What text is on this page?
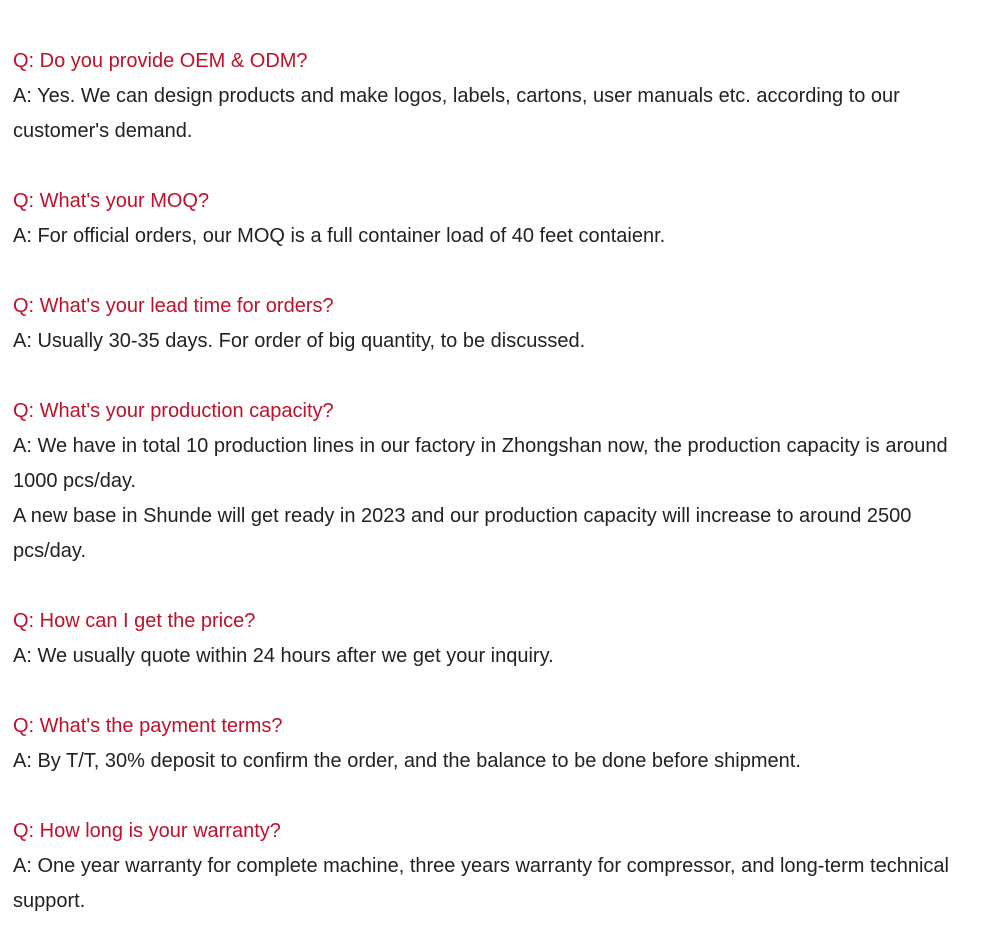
Q: Do you provide OEM & ODM?
A: Yes. We can design products and make logos, labels, cartons, user manuals etc. according to our customer's demand.
Q: What's your MOQ?
A: For official orders, our MOQ is a full container load of 40 feet contaienr.
Q: What's your lead time for orders?
A: Usually 30-35 days. For order of big quantity, to be discussed.
Q: What's your production capacity?
A: We have in total 10 production lines in our factory in Zhongshan now, the production capacity is around 1000 pcs/day.
A new base in Shunde will get ready in 2023 and our production capacity will increase to around 2500 pcs/day.
Q: How can I get the price?
A: We usually quote within 24 hours after we get your inquiry.
Q: What's the payment terms?
A: By T/T, 30% deposit to confirm the order, and the balance to be done before shipment.
Q: How long is your warranty?
A: One year warranty for complete machine, three years warranty for compressor, and long-term technical support.
